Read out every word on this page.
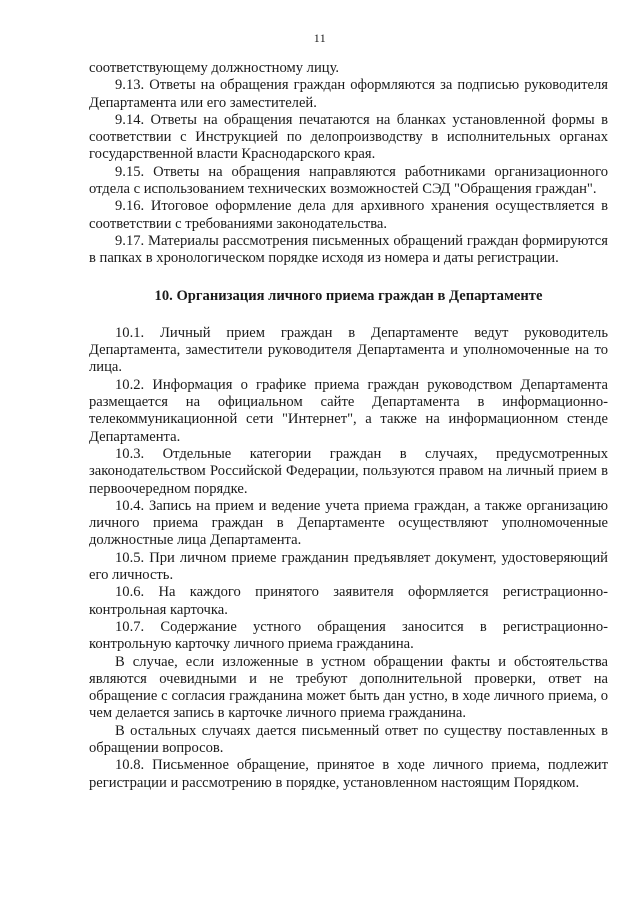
11

соответствующему должностному лицу.

9.13. Ответы на обращения граждан оформляются за подписью руководителя Департамента или его заместителей.

9.14. Ответы на обращения печатаются на бланках установленной формы в соответствии с Инструкцией по делопроизводству в исполнительных органах государственной власти Краснодарского края.

9.15. Ответы на обращения направляются работниками организационного отдела с использованием технических возможностей СЭД "Обращения граждан".

9.16. Итоговое оформление дела для архивного хранения осуществляется в соответствии с требованиями законодательства.

9.17. Материалы рассмотрения письменных обращений граждан формируются в папках в хронологическом порядке исходя из номера и даты регистрации.

10. Организация личного приема граждан в Департаменте

10.1. Личный прием граждан в Департаменте ведут руководитель Департамента, заместители руководителя Департамента и уполномоченные на то лица.

10.2. Информация о графике приема граждан руководством Департамента размещается на официальном сайте Департамента в информационно-телекоммуникационной сети "Интернет", а также на информационном стенде Департамента.

10.3. Отдельные категории граждан в случаях, предусмотренных законодательством Российской Федерации, пользуются правом на личный прием в первоочередном порядке.

10.4. Запись на прием и ведение учета приема граждан, а также организацию личного приема граждан в Департаменте осуществляют уполномоченные должностные лица Департамента.

10.5. При личном приеме гражданин предъявляет документ, удостоверяющий его личность.

10.6. На каждого принятого заявителя оформляется регистрационно-контрольная карточка.

10.7. Содержание устного обращения заносится в регистрационно-контрольную карточку личного приема гражданина.

В случае, если изложенные в устном обращении факты и обстоятельства являются очевидными и не требуют дополнительной проверки, ответ на обращение с согласия гражданина может быть дан устно, в ходе личного приема, о чем делается запись в карточке личного приема гражданина.

В остальных случаях дается письменный ответ по существу поставленных в обращении вопросов.

10.8. Письменное обращение, принятое в ходе личного приема, подлежит регистрации и рассмотрению в порядке, установленном настоящим Порядком.
